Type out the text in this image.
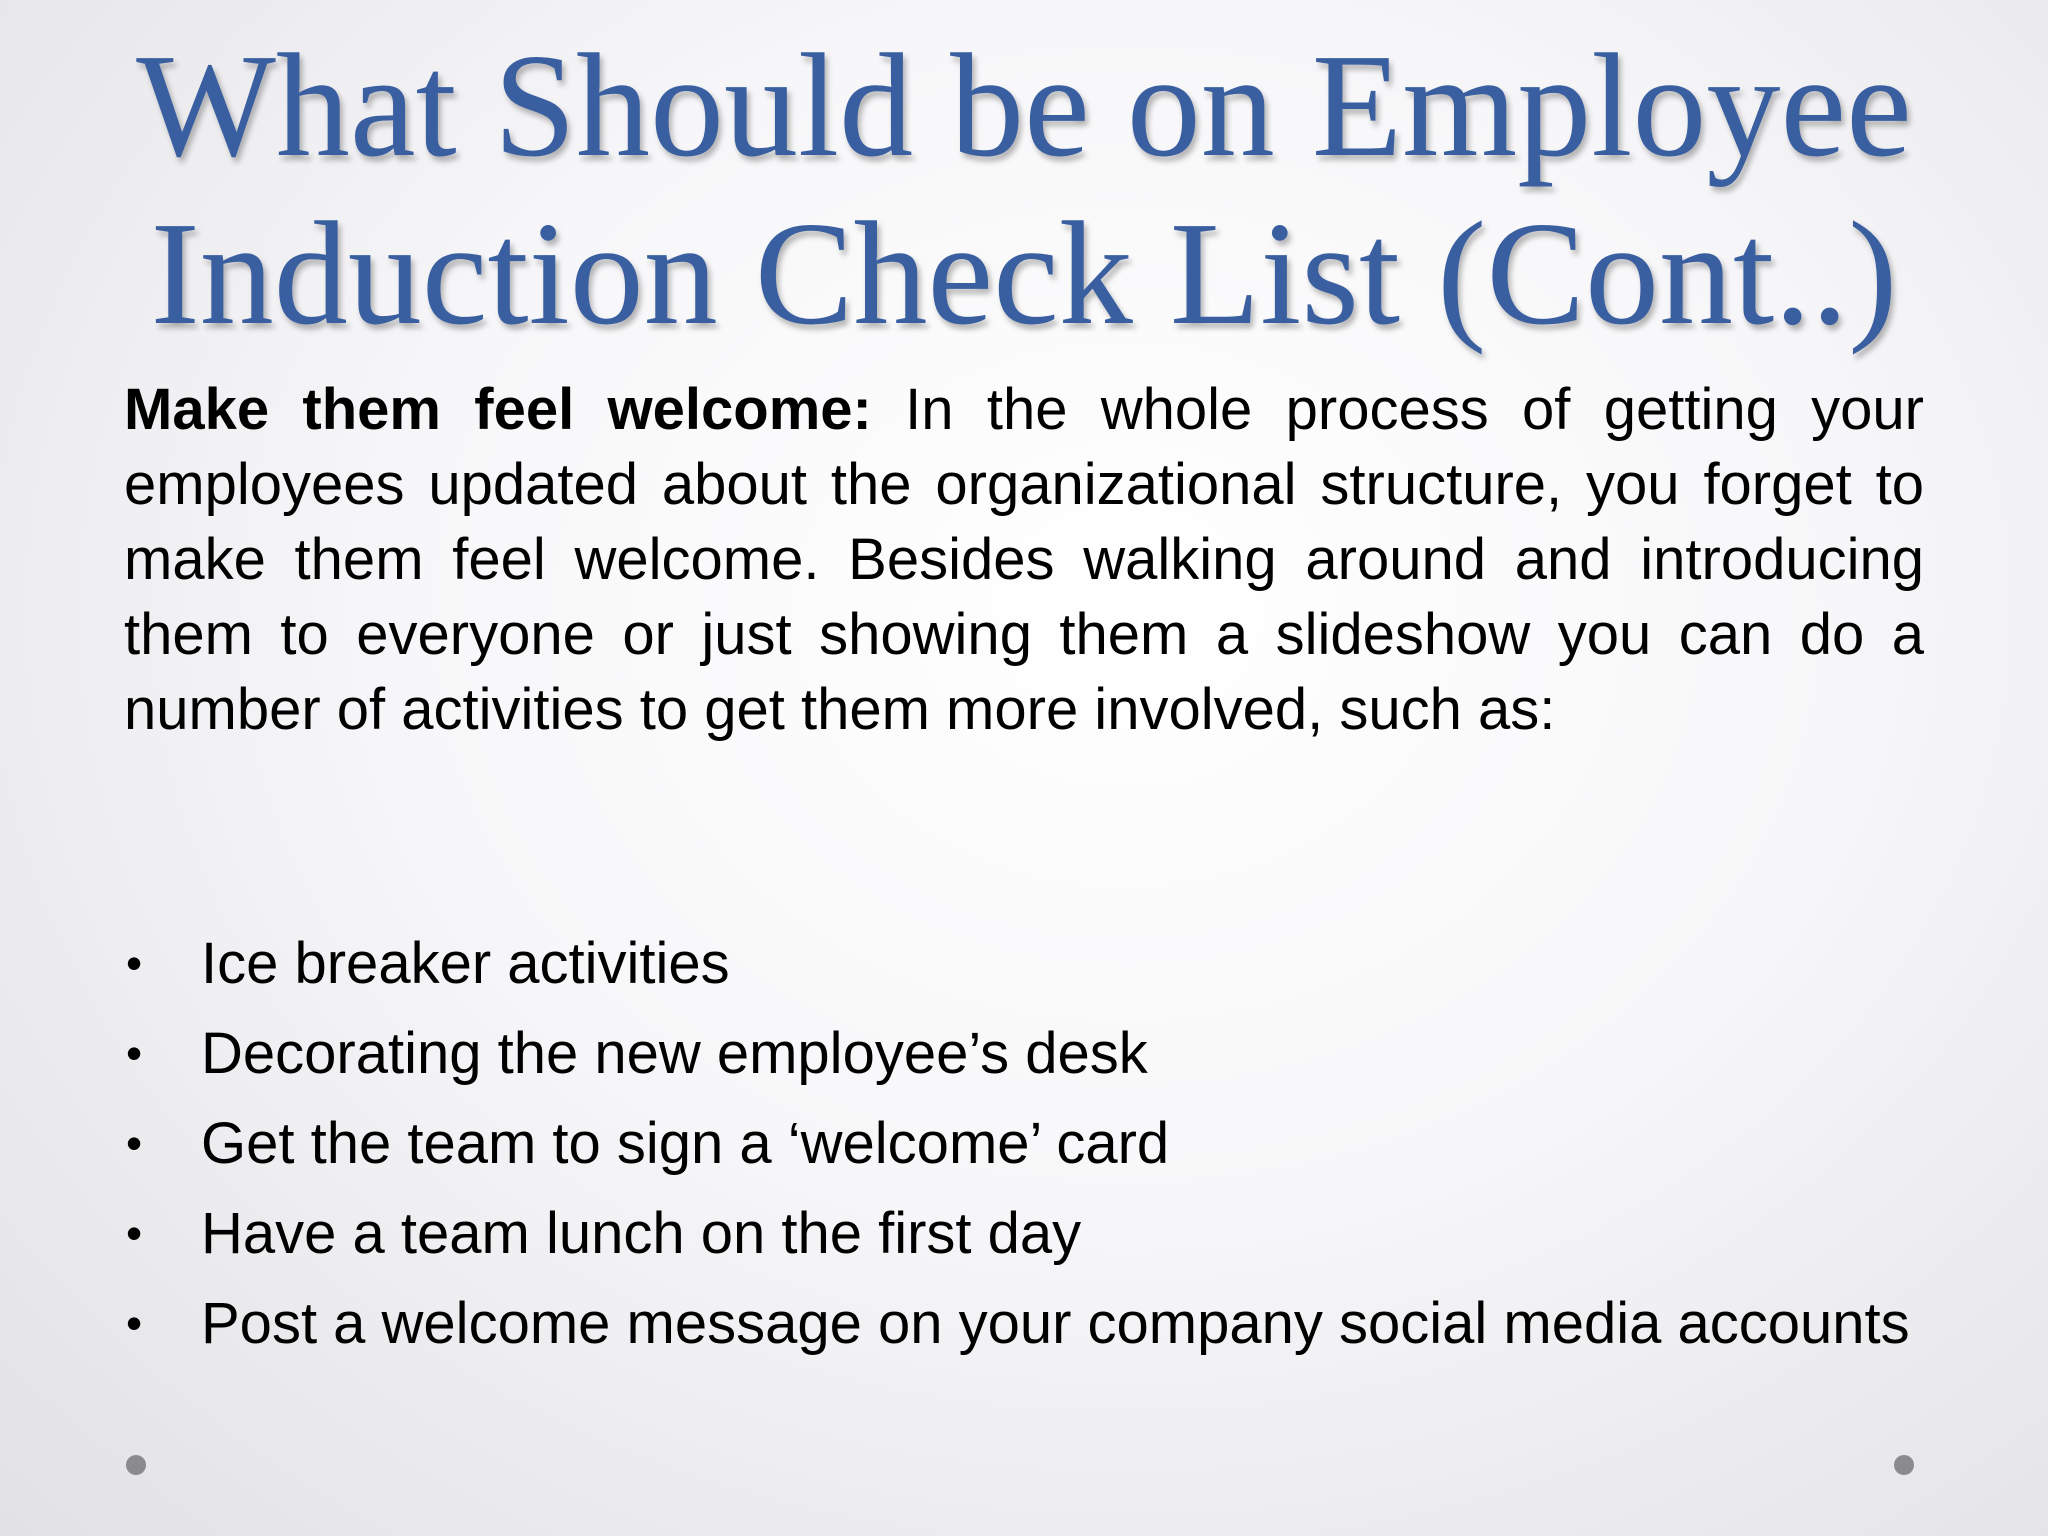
What Should be on Employee
Induction Check List (Cont..)

Make them feel welcome: In the whole process of getting your employees updated about the organizational structure, you forget to make them feel welcome. Besides walking around and introducing them to everyone or just showing them a slideshow you can do a number of activities to get them more involved, such as:

• Ice breaker activities
• Decorating the new employee’s desk
• Get the team to sign a ‘welcome’ card
• Have a team lunch on the first day
• Post a welcome message on your company social media accounts
